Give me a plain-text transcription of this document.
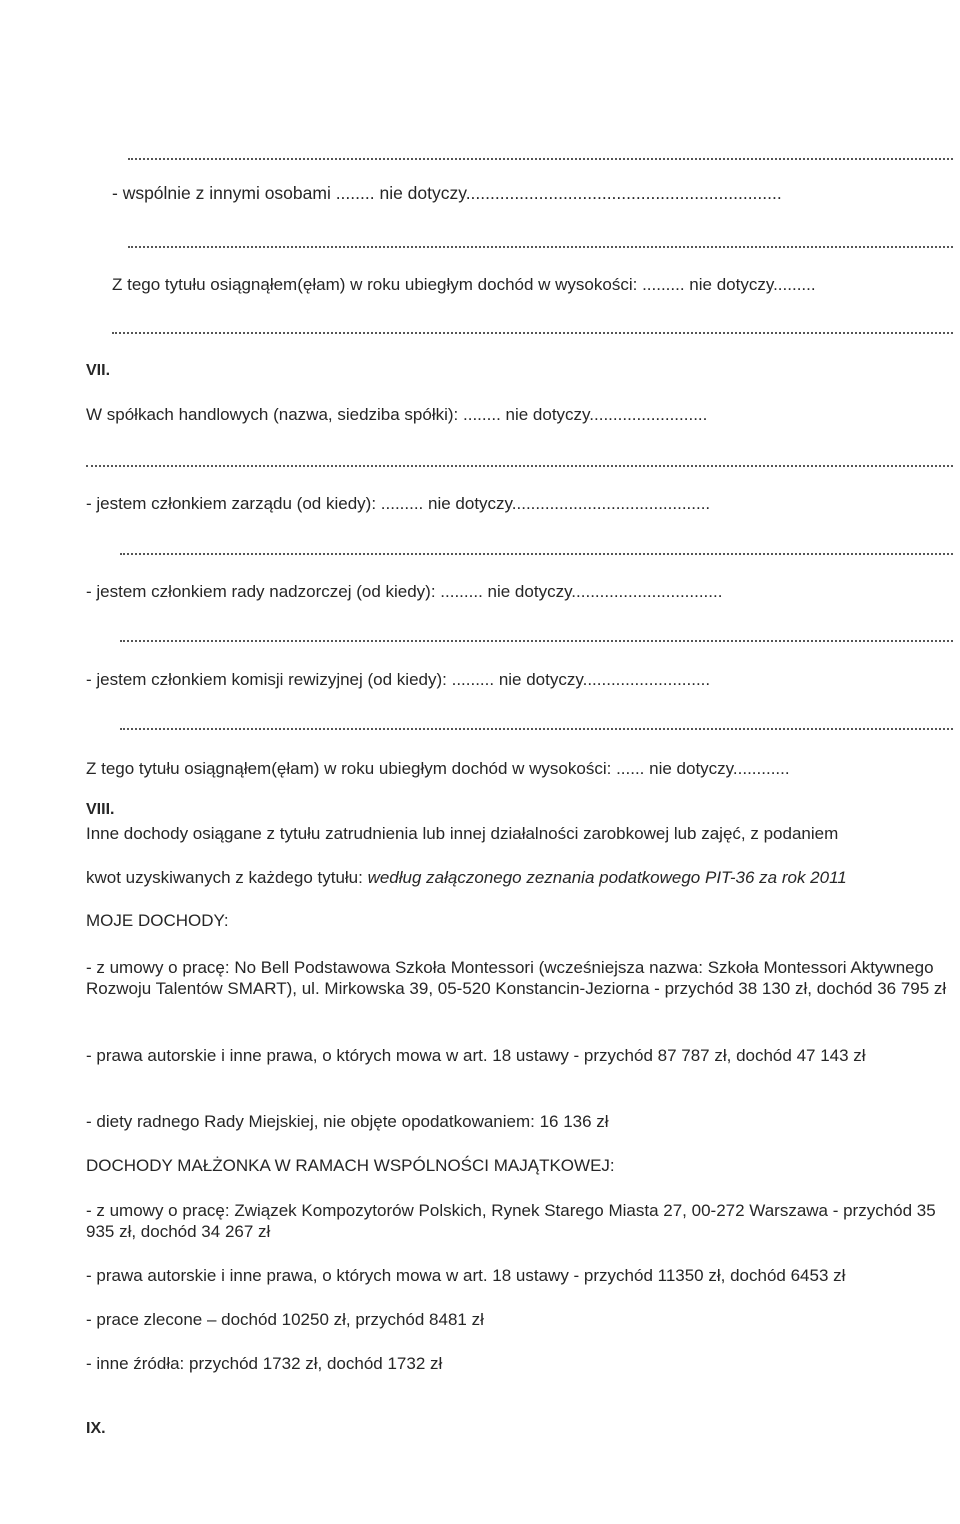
- wspólnie z innymi osobami ........ nie dotyczy.................................................................
Z tego tytułu osiągnąłem(ęłam) w roku ubiegłym dochód w wysokości: ......... nie dotyczy.........
VII.
W spółkach handlowych (nazwa, siedziba spółki): ........ nie dotyczy.........................
- jestem członkiem zarządu (od kiedy): ......... nie dotyczy..........................................
- jestem członkiem rady nadzorczej (od kiedy): ......... nie dotyczy................................
- jestem członkiem komisji rewizyjnej (od kiedy): ......... nie dotyczy...........................
Z tego tytułu osiągnąłem(ęłam) w roku ubiegłym dochód w wysokości: ...... nie dotyczy............
VIII.
Inne dochody osiągane z tytułu zatrudnienia lub innej działalności zarobkowej lub zajęć, z podaniem
kwot uzyskiwanych z każdego tytułu: według załączonego zeznania podatkowego PIT-36 za rok 2011
MOJE DOCHODY:
- z umowy o pracę: No Bell Podstawowa Szkoła Montessori (wcześniejsza nazwa: Szkoła Montessori Aktywnego Rozwoju Talentów SMART), ul. Mirkowska 39, 05-520 Konstancin-Jeziorna - przychód 38 130 zł, dochód 36 795 zł
- prawa autorskie i inne prawa, o których mowa w art. 18 ustawy - przychód 87 787 zł, dochód 47 143 zł
- diety radnego Rady Miejskiej, nie objęte opodatkowaniem: 16 136 zł
DOCHODY MAŁŻONKA W RAMACH WSPÓLNOŚCI MAJĄTKOWEJ:
- z umowy o pracę: Związek Kompozytorów Polskich, Rynek Starego Miasta 27, 00-272 Warszawa - przychód 35 935 zł, dochód 34 267 zł
- prawa autorskie i inne prawa, o których mowa w art. 18 ustawy - przychód 11350 zł, dochód 6453 zł
- prace zlecone – dochód 10250 zł, przychód 8481 zł
- inne źródła: przychód 1732 zł, dochód 1732 zł
IX.
